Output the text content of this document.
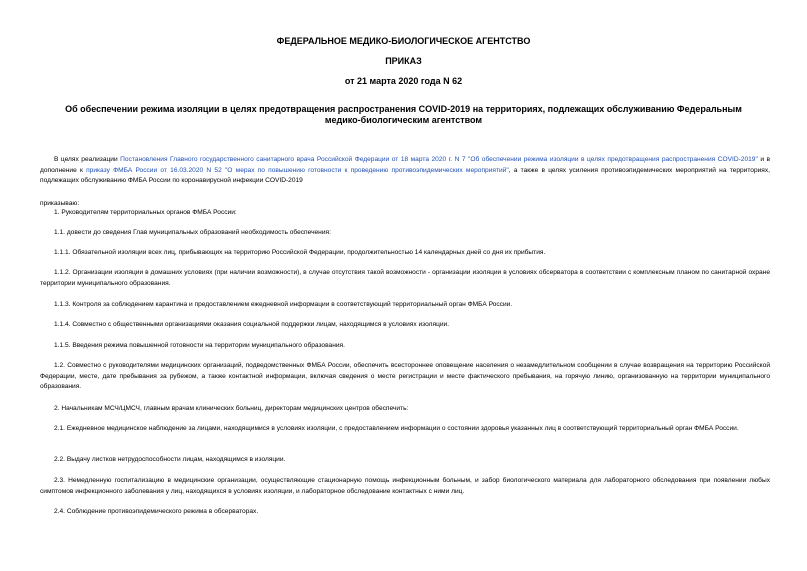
ФЕДЕРАЛЬНОЕ МЕДИКО-БИОЛОГИЧЕСКОЕ АГЕНТСТВО
ПРИКАЗ
от 21 марта 2020 года N 62
Об обеспечении режима изоляции в целях предотвращения распространения COVID-2019 на территориях, подлежащих обслуживанию Федеральным медико-биологическим агентством
В целях реализации Постановления Главного государственного санитарного врача Российской Федерации от 18 марта 2020 г. N 7 "Об обеспечении режима изоляции в целях предотвращения распространения COVID-2019" и в дополнение к приказу ФМБА России от 16.03.2020 N 52 "О мерах по повышению готовности к проведению противоэпидемических мероприятий", а также в целях усиления противоэпидемических мероприятий на территориях, подлежащих обслуживанию ФМБА России по коронавирусной инфекции COVID-2019
приказываю:
1. Руководителям территориальных органов ФМБА России:
1.1. довести до сведения Глав муниципальных образований необходимость обеспечения:
1.1.1. Обязательной изоляции всех лиц, прибывающих на территорию Российской Федерации, продолжительностью 14 календарных дней со дня их прибытия.
1.1.2. Организации изоляции в домашних условиях (при наличии возможности), в случае отсутствия такой возможности - организации изоляции в условиях обсерватора в соответствии с комплексным планом по санитарной охране территории муниципального образования.
1.1.3. Контроля за соблюдением карантина и предоставлением ежедневной информации в соответствующий территориальный орган ФМБА России.
1.1.4. Совместно с общественными организациями оказания социальной поддержки лицам, находящимся в условиях изоляции.
1.1.5. Введения режима повышенной готовности на территории муниципального образования.
1.2. Совместно с руководителями медицинских организаций, подведомственных ФМБА России, обеспечить всестороннее оповещение населения о незамедлительном сообщении в случае возвращения на территорию Российской Федерации, месте, дате пребывания за рубежом, а также контактной информации, включая сведения о месте регистрации и месте фактического пребывания, на горячую линию, организованную на территории муниципального образования.
2. Начальникам МСЧ/ЦМСЧ, главным врачам клинических больниц, директорам медицинских центров обеспечить:
2.1. Ежедневное медицинское наблюдение за лицами, находящимися в условиях изоляции, с предоставлением информации о состоянии здоровья указанных лиц в соответствующий территориальный орган ФМБА России.
2.2. Выдачу листков нетрудоспособности лицам, находящимся в изоляции.
2.3. Немедленную госпитализацию в медицинские организации, осуществляющие стационарную помощь инфекционным больным, и забор биологического материала для лабораторного обследования при появлении любых симптомов инфекционного заболевания у лиц, находящихся в условиях изоляции, и лабораторное обследование контактных с ними лиц.
2.4. Соблюдение противоэпидемического режима в обсерваторах.
